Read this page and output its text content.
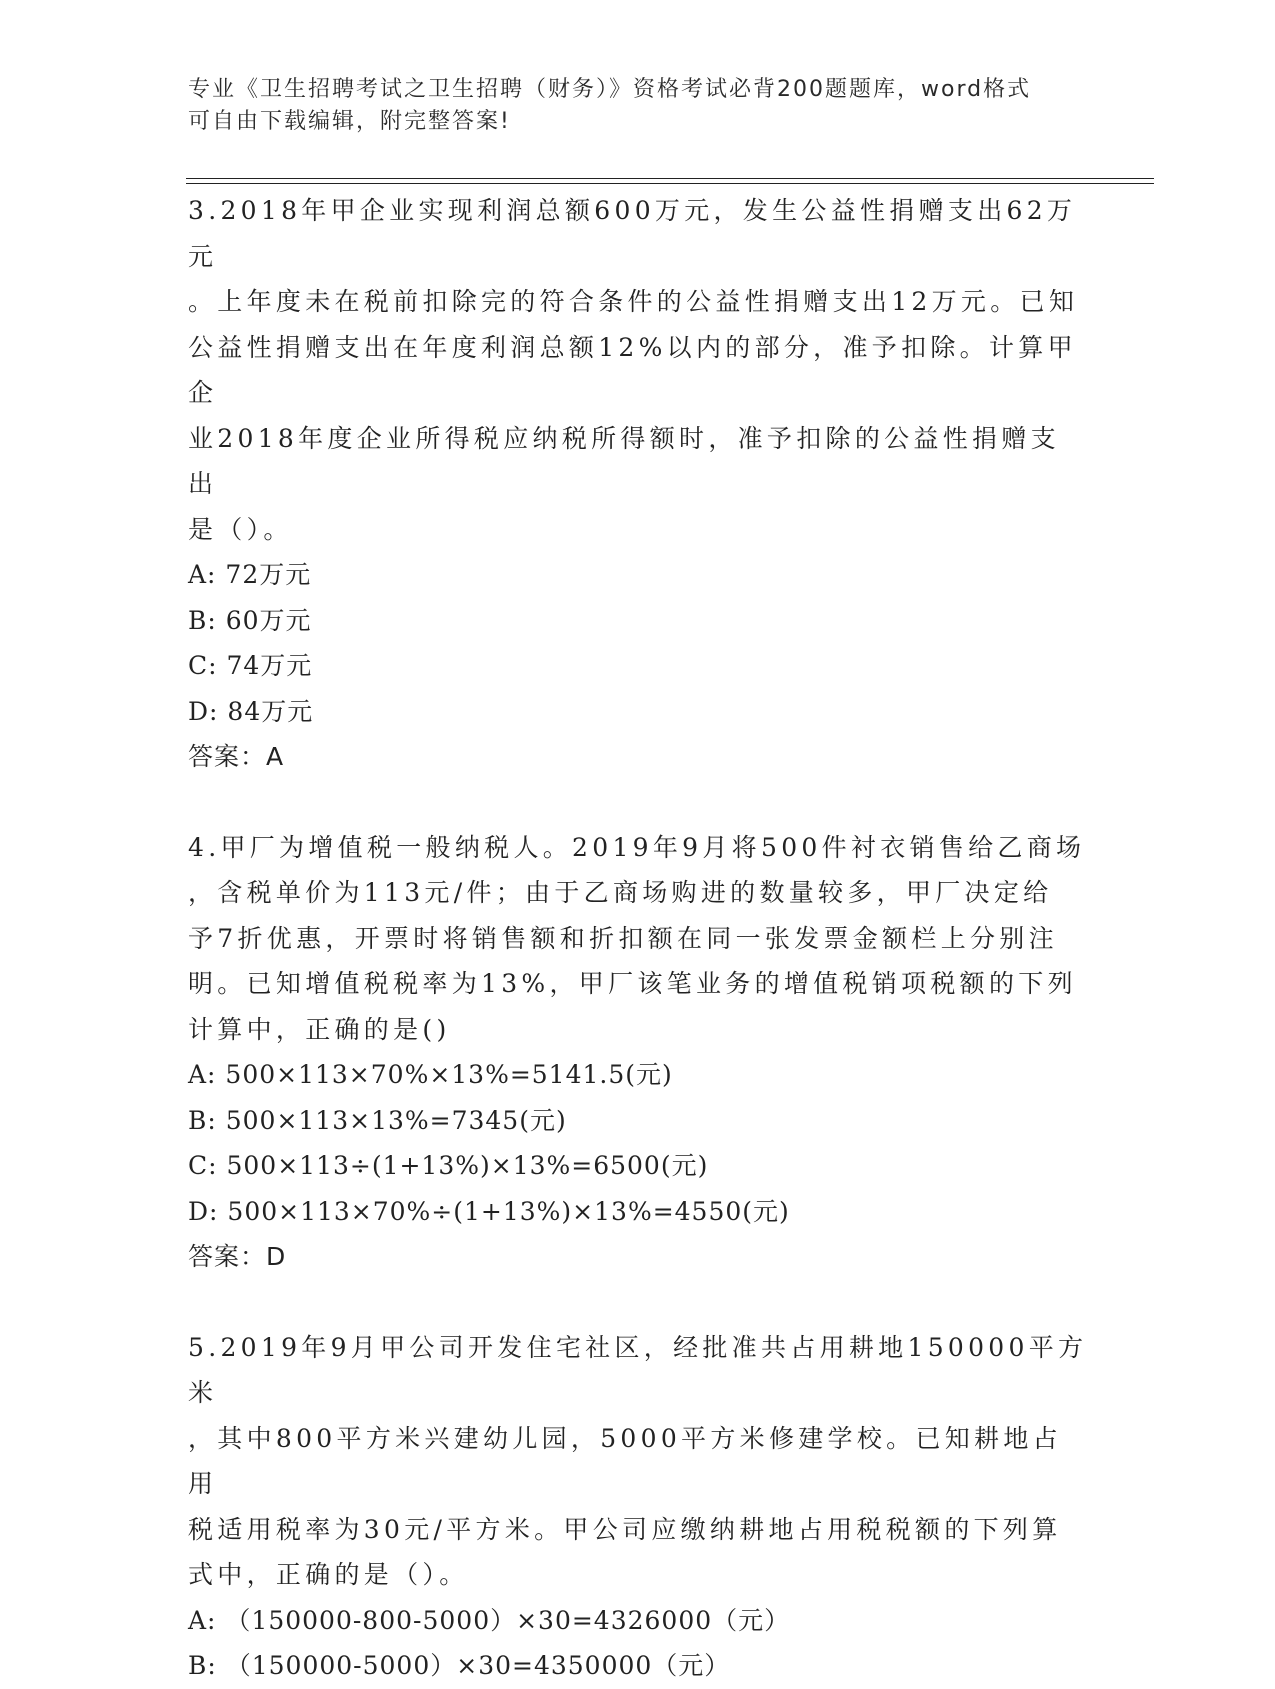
专业《卫生招聘考试之卫生招聘（财务）》资格考试必背200题题库，word格式
可自由下载编辑，附完整答案!

3.2018年甲企业实现利润总额600万元，发生公益性捐赠支出62万元

。上年度未在税前扣除完的符合条件的公益性捐赠支出12万元。已知

公益性捐赠支出在年度利润总额12%以内的部分，准予扣除。计算甲企

业2018年度企业所得税应纳税所得额时，准予扣除的公益性捐赠支出

是（）。

A: 72万元

B: 60万元

C: 74万元

D: 84万元

答案：A

4.甲厂为增值税一般纳税人。2019年9月将500件衬衣销售给乙商场

，含税单价为113元/件；由于乙商场购进的数量较多，甲厂决定给

予7折优惠，开票时将销售额和折扣额在同一张发票金额栏上分别注

明。已知增值税税率为13%，甲厂该笔业务的增值税销项税额的下列

计算中，正确的是()

A: 500×113×70%×13%=5141.5(元)

B: 500×113×13%=7345(元)

C: 500×113÷(1+13%)×13%=6500(元)

D: 500×113×70%÷(1+13%)×13%=4550(元)

答案：D

5.2019年9月甲公司开发住宅社区，经批准共占用耕地150000平方米

，其中800平方米兴建幼儿园，5000平方米修建学校。已知耕地占用

税适用税率为30元/平方米。甲公司应缴纳耕地占用税税额的下列算

式中，正确的是（）。

A: （150000-800-5000）×30=4326000（元）

B: （150000-5000）×30=4350000（元）
